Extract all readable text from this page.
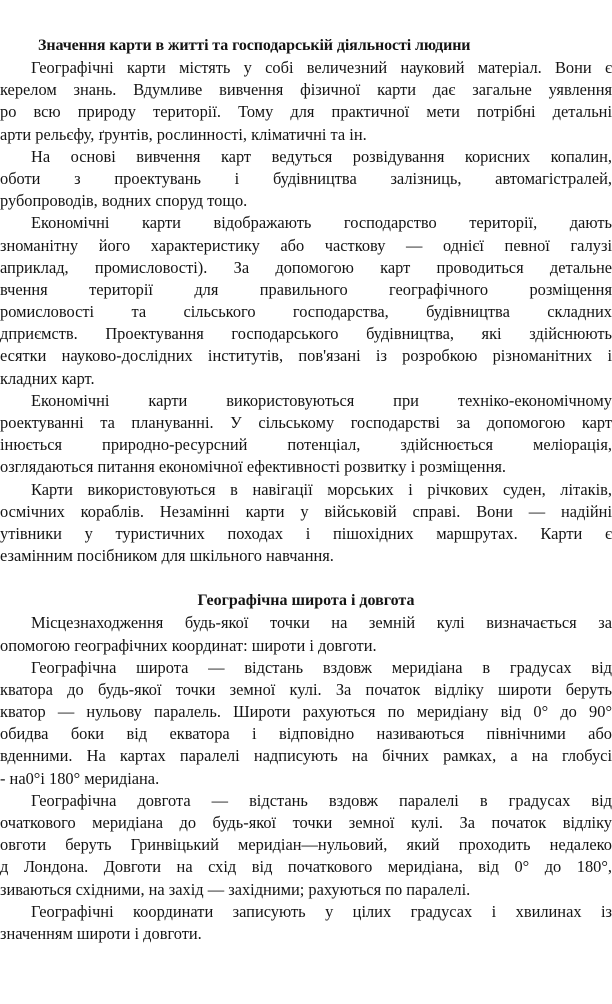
Значення карти в житті та господарській діяльності людини
Географічні карти містять у собі величезний науковий матеріал. Вони є
керелом знань. Вдумливе вивчення фізичної карти дає загальне уявлення
ро всю природу території. Тому для практичної мети потрібні детальні
арти рельєфу, ґрунтів, рослинності, кліматичні та ін.
На основі вивчення карт ведуться розвідування корисних копалин,
оботи з проектувань і будівництва залізниць, автомагістралей,
рубопроводів, водних споруд тощо.
Економічні карти відображають господарство території, дають
зноманітну його характеристику або часткову — однієї певної галузі
априклад, промисловості). За допомогою карт проводиться детальне
вчення території для правильного географічного розміщення
ромисловості та сільського господарства, будівництва складних
дприємств. Проектування господарського будівництва, які здійснюють
есятки науково-дослідних інститутів, пов'язані із розробкою різноманітних і
кладних карт.
Економічні карти використовуються при техніко-економічному
роектуванні та плануванні. У сільському господарстві за допомогою карт
інюється природно-ресурсний потенціал, здійснюється меліорація,
озглядаються питання економічної ефективності розвитку і розміщення.
Карти використовуються в навігації морських і річкових суден, літаків,
осмічних кораблів. Незамінні карти у військовій справі. Вони — надійні
утівники у туристичних походах і пішохідних маршрутах. Карти є
езамінним посібником для шкільного навчання.
Географічна широта і довгота
Місцезнаходження будь-якої точки на земній кулі визначається за
опомогою географічних координат: широти і довготи.
Географічна широта — відстань вздовж меридіана в градусах від
кватора до будь-якої точки земної кулі. За початок відліку широти беруть
кватор — нульову паралель. Широти рахуються по меридіану від 0° до 90°
обидва боки від екватора і відповідно називаються північними або
вденними. На картах паралелі надписують на бічних рамках, а на глобусі
- на0°і 180° меридіана.
Географічна довгота — відстань вздовж паралелі в градусах від
очаткового меридіана до будь-якої точки земної кулі. За початок відліку
овготи беруть Гринвіцький меридіан—нульовий, який проходить недалеко
д Лондона. Довготи на схід від початкового меридіана, від 0° до 180°,
зиваються східними, на захід — західними; рахуються по паралелі.
Географічні координати записують у цілих градусах і хвилинах із
значенням широти і довготи.
